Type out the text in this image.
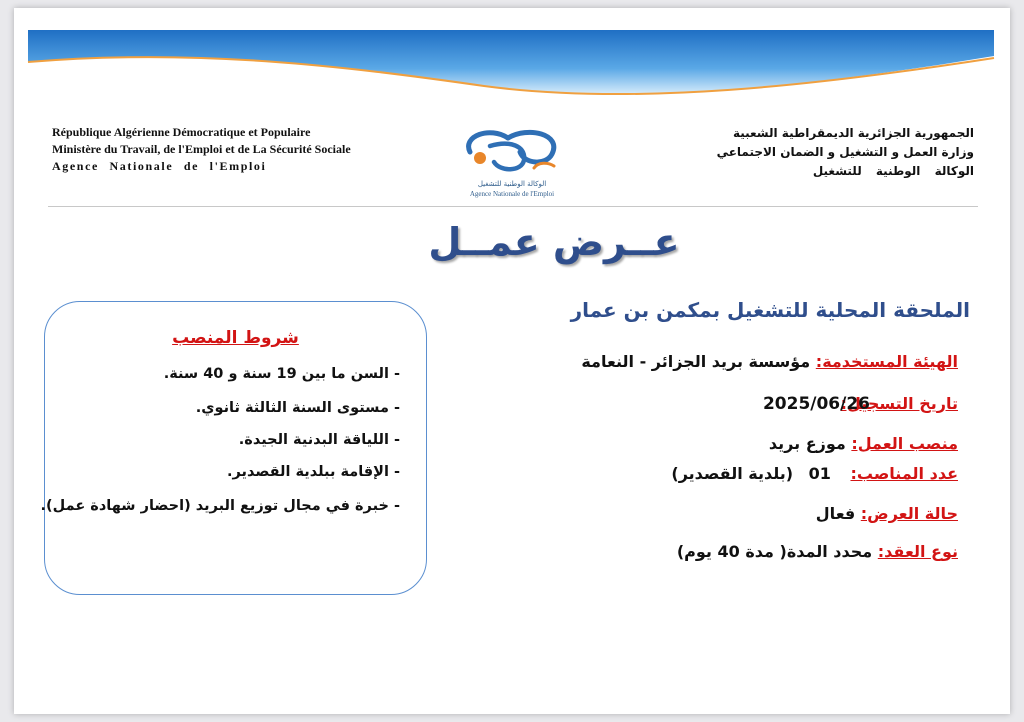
République Algérienne Démocratique et Populaire
Ministère du Travail, de l'Emploi et de La Sécurité Sociale
Agence Nationale de l'Emploi
الوكالة الوطنية للتشغيل
Agence Nationale de l'Emploi
الجمهورية الجزائرية الديمقراطية الشعبية
وزارة العمل و التشغيل و الضمان الاجتماعي
الوكالة الوطنية للتشغيل
عــرض عمــل
الملحقة المحلية للتشغيل بمكمن بن عمار
الهيئة المستخدمة: مؤسسة بريد الجزائر - النعامة
تاريخ التسجيل:
2025/06/26
منصب العمل: موزع بريد
عدد المناصب: 01 (بلدية القصدير)
حالة العرض: فعال
نوع العقد: محدد المدة( مدة 40 يوم)
شروط المنصب
- السن ما بين 19 سنة و 40 سنة.
- مستوى السنة الثالثة ثانوي.
- اللياقة البدنية الجيدة.
- الإقامة ببلدية القصدير.
- خبرة في مجال توزيع البريد (احضار شهادة عمل).
